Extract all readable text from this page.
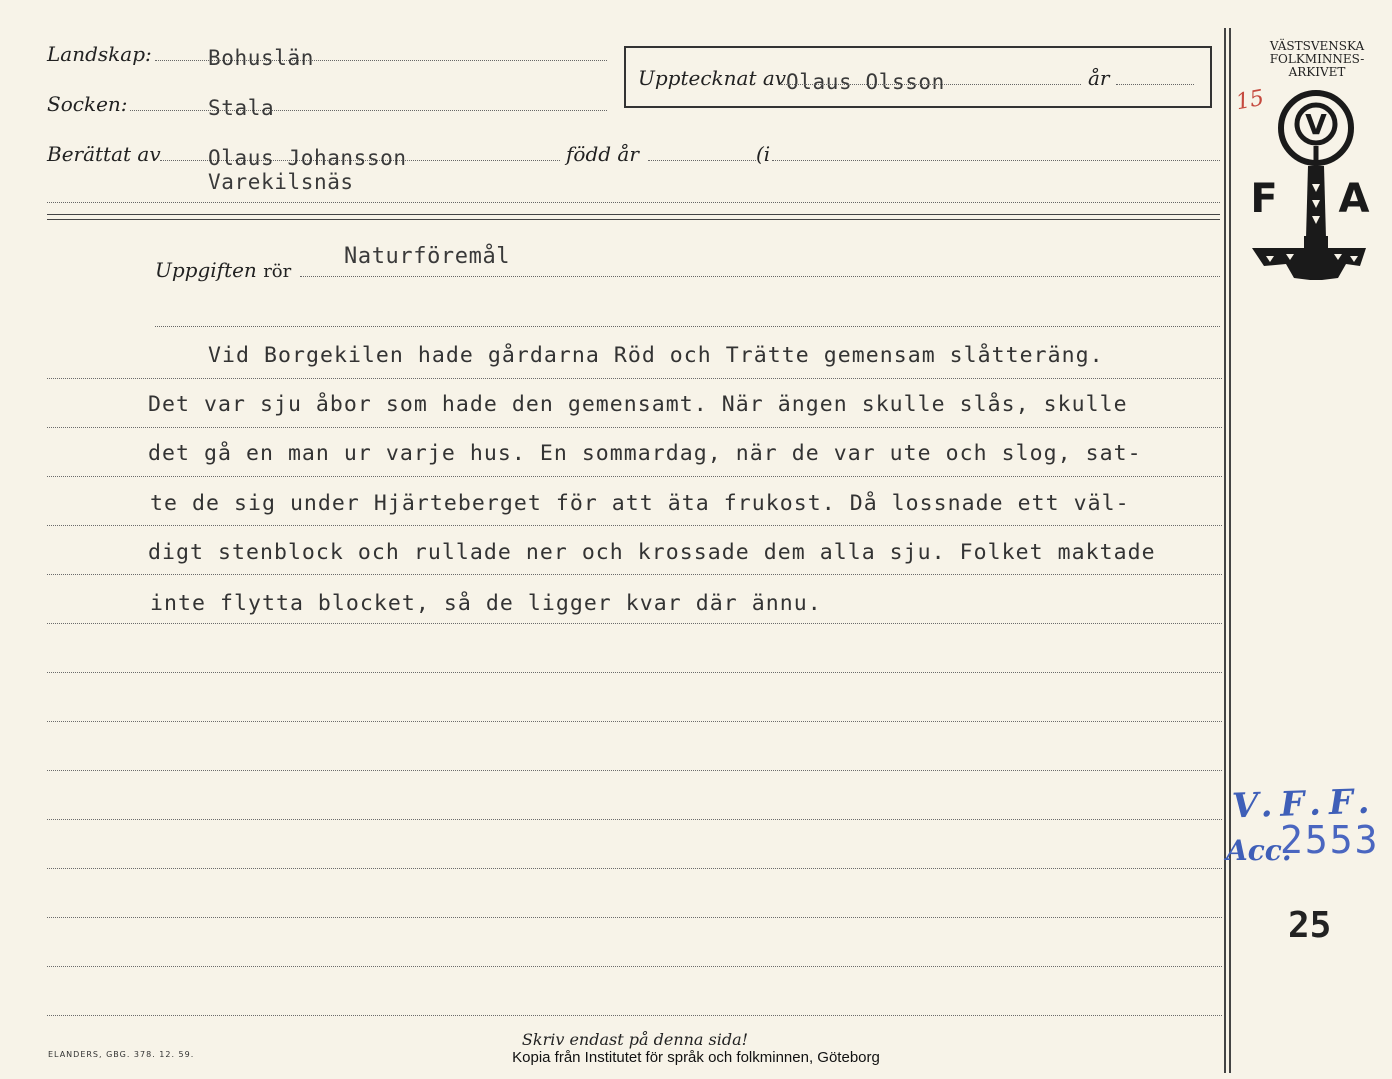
Landskap:	Bohuslän
Socken:	Stala
Berättat av Olaus Johansson
Varekilsnäs
född år	(i
Upptecknat av Olaus Olsson	år
Uppgiften rör
Naturföremål
Vid Borgekilen hade gårdarna Röd och Trätte gemensam slåtteräng.
Det var sju åbor som hade den gemensamt. När ängen skulle slås, skulle
det gå en man ur varje hus. En sommardag, när de var ute och slog, sat-
te de sig under Hjärteberget för att äta frukost. Då lossnade ett väl-
digt stenblock och rullade ner och krossade dem alla sju. Folket maktade
inte flytta blocket, så de ligger kvar där ännu.
VÄSTSVENSKA
FOLKMINNES-
ARKIVET
15
V
F A
V.F.F.
Acc.
2553
25
Skriv endast på denna sida!
ELANDERS, GBG. 378. 12. 59.	Kopia från Institutet för språk och folkminnen, Göteborg
